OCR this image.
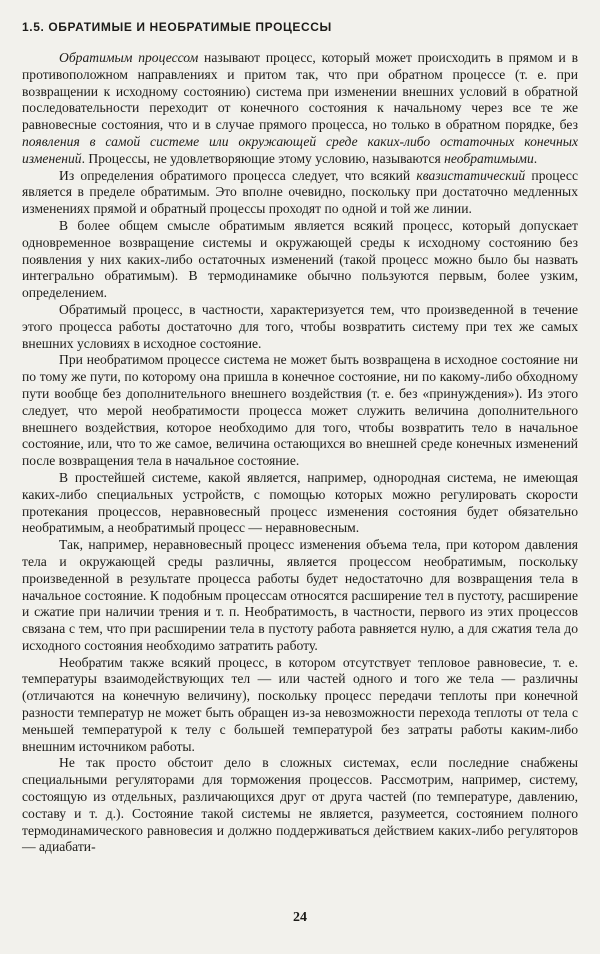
1.5. ОБРАТИМЫЕ И НЕОБРАТИМЫЕ ПРОЦЕССЫ

Обратимым процессом называют процесс, который может происходить в прямом и в противоположном направлениях и притом так, что при обратном процессе (т. е. при возвращении к исходному состоянию) система при изменении внешних условий в обратной последовательности переходит от конечного состояния к начальному через все те же равновесные состояния, что и в случае прямого процесса, но только в обратном порядке, без появления в самой системе или окружающей среде каких-либо остаточных конечных изменений. Процессы, не удовлетворяющие этому условию, называются необратимыми.

Из определения обратимого процесса следует, что всякий квазистатический процесс является в пределе обратимым. Это вполне очевидно, поскольку при достаточно медленных изменениях прямой и обратный процессы проходят по одной и той же линии.

В более общем смысле обратимым является всякий процесс, который допускает одновременное возвращение системы и окружающей среды к исходному состоянию без появления у них каких-либо остаточных изменений (такой процесс можно было бы назвать интегрально обратимым). В термодинамике обычно пользуются первым, более узким, определением.

Обратимый процесс, в частности, характеризуется тем, что произведенной в течение этого процесса работы достаточно для того, чтобы возвратить систему при тех же самых внешних условиях в исходное состояние.

При необратимом процессе система не может быть возвращена в исходное состояние ни по тому же пути, по которому она пришла в конечное состояние, ни по какому-либо обходному пути вообще без дополнительного внешнего воздействия (т. е. без «принуждения»). Из этого следует, что мерой необратимости процесса может служить величина дополнительного внешнего воздействия, которое необходимо для того, чтобы возвратить тело в начальное состояние, или, что то же самое, величина остающихся во внешней среде конечных изменений после возвращения тела в начальное состояние.

В простейшей системе, какой является, например, однородная система, не имеющая каких-либо специальных устройств, с помощью которых можно регулировать скорости протекания процессов, неравновесный процесс изменения состояния будет обязательно необратимым, а необратимый процесс — неравновесным.

Так, например, неравновесный процесс изменения объема тела, при котором давления тела и окружающей среды различны, является процессом необратимым, поскольку произведенной в результате процесса работы будет недостаточно для возвращения тела в начальное состояние. К подобным процессам относятся расширение тел в пустоту, расширение и сжатие при наличии трения и т. п. Необратимость, в частности, первого из этих процессов связана с тем, что при расширении тела в пустоту работа равняется нулю, а для сжатия тела до исходного состояния необходимо затратить работу.

Необратим также всякий процесс, в котором отсутствует тепловое равновесие, т. е. температуры взаимодействующих тел — или частей одного и того же тела — различны (отличаются на конечную величину), поскольку процесс передачи теплоты при конечной разности температур не может быть обращен из-за невозможности перехода теплоты от тела с меньшей температурой к телу с большей температурой без затраты работы каким-либо внешним источником работы.

Не так просто обстоит дело в сложных системах, если последние снабжены специальными регуляторами для торможения процессов. Рассмотрим, например, систему, состоящую из отдельных, различающихся друг от друга частей (по температуре, давлению, составу и т. д.). Состояние такой системы не является, разумеется, состоянием полного термодинамического равновесия и должно поддерживаться действием каких-либо регуляторов — адиабати-

24
